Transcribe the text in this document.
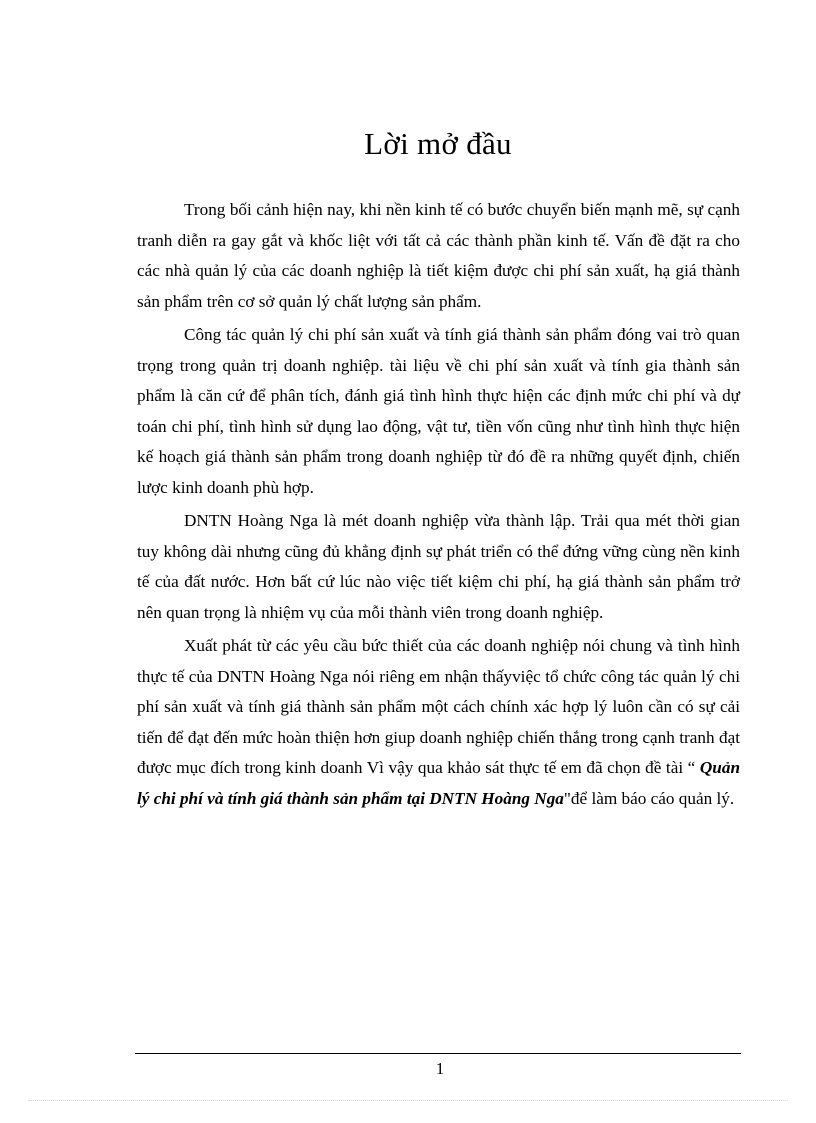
Lời mở đầu

Trong bối cảnh hiện nay, khi nền kinh tế có bước chuyển biến mạnh mẽ, sự cạnh tranh diễn ra gay gắt và khốc liệt với tất cả các thành phần kinh tế. Vấn đề đặt ra cho các nhà quản lý của các doanh nghiệp là tiết kiệm được chi phí sản xuất, hạ giá thành sản phẩm trên cơ sở quản lý chất lượng sản phẩm.

Công tác quản lý chi phí sản xuất và tính giá thành sản phẩm đóng vai trò quan trọng trong quản trị doanh nghiệp. tài liệu về chi phí sản xuất và tính gia thành sản phẩm là căn cứ để phân tích, đánh giá tình hình thực hiện các định mức chi phí và dự toán chi phí, tình hình sử dụng lao động, vật tư, tiền vốn cũng như tình hình thực hiện kế hoạch giá thành sản phẩm trong doanh nghiệp từ đó đề ra những quyết định, chiến lược kinh doanh phù hợp.

DNTN Hoàng Nga là mét doanh nghiệp vừa thành lập. Trải qua mét thời gian tuy không dài nhưng cũng đủ khẳng định sự phát triển có thể đứng vững cùng nền kinh tế của đất nước. Hơn bất cứ lúc nào việc tiết kiệm chi phí, hạ giá thành sản phẩm trở nên quan trọng là nhiệm vụ của mỗi thành viên trong doanh nghiệp.

Xuất phát từ các yêu cầu bức thiết của các doanh nghiệp nói chung và tình hình thực tế của DNTN Hoàng Nga nói riêng em nhận thấyviệc tổ chức công tác quản lý chi phí sản xuất và tính giá thành sản phẩm một cách chính xác hợp lý luôn cần có sự cải tiến để đạt đến mức hoàn thiện hơn giup doanh nghiệp chiến thắng trong cạnh tranh đạt được mục đích trong kinh doanh Vì vậy qua khảo sát thực tế em đã chọn đề tài “ Quản lý chi phí và tính giá thành sản phẩm tại DNTN Hoàng Nga"để làm báo cáo quản lý.

1
